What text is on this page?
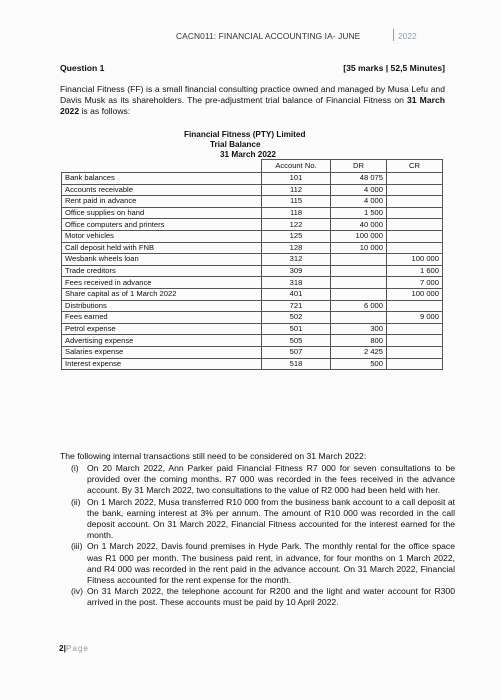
CACN011: FINANCIAL ACCOUNTING IA- JUNE	2022
Question 1	[35 marks | 52,5 Minutes]
Financial Fitness (FF) is a small financial consulting practice owned and managed by Musa Lefu and Davis Musk as its shareholders. The pre-adjustment trial balance of Financial Fitness on 31 March 2022 is as follows:
Financial Fitness (PTY) Limited
Trial Balance
31 March 2022
	Account No.	DR	CR
Bank balances	101	48 075	
Accounts receivable	112	4 000	
Rent paid in advance	115	4 000	
Office supplies on hand	118	1 500	
Office computers and printers	122	40 000	
Motor vehicles	125	100 000	
Call deposit held with FNB	128	10 000	
Wesbank wheels loan	312		100 000
Trade creditors	309		1 600
Fees received in advance	318		7 000
Share capital as of 1 March 2022	401		100 000
Distributions	721	6 000	
Fees earned	502		9 000
Petrol expense	501	300	
Advertising expense	505	800	
Salaries expense	507	2 425	
Interest expense	518	500	
The following internal transactions still need to be considered on 31 March 2022:
(i) On 20 March 2022, Ann Parker paid Financial Fitness R7 000 for seven consultations to be provided over the coming months. R7 000 was recorded in the fees received in the advance account. By 31 March 2022, two consultations to the value of R2 000 had been held with her.
(ii) On 1 March 2022, Musa transferred R10 000 from the business bank account to a call deposit at the bank, earning interest at 3% per annum. The amount of R10 000 was recorded in the call deposit account. On 31 March 2022, Financial Fitness accounted for the interest earned for the month.
(iii) On 1 March 2022, Davis found premises in Hyde Park. The monthly rental for the office space was R1 000 per month. The business paid rent, in advance, for four months on 1 March 2022, and R4 000 was recorded in the rent paid in the advance account. On 31 March 2022, Financial Fitness accounted for the rent expense for the month.
(iv) On 31 March 2022, the telephone account for R200 and the light and water account for R300 arrived in the post. These accounts must be paid by 10 April 2022.
2|Page
